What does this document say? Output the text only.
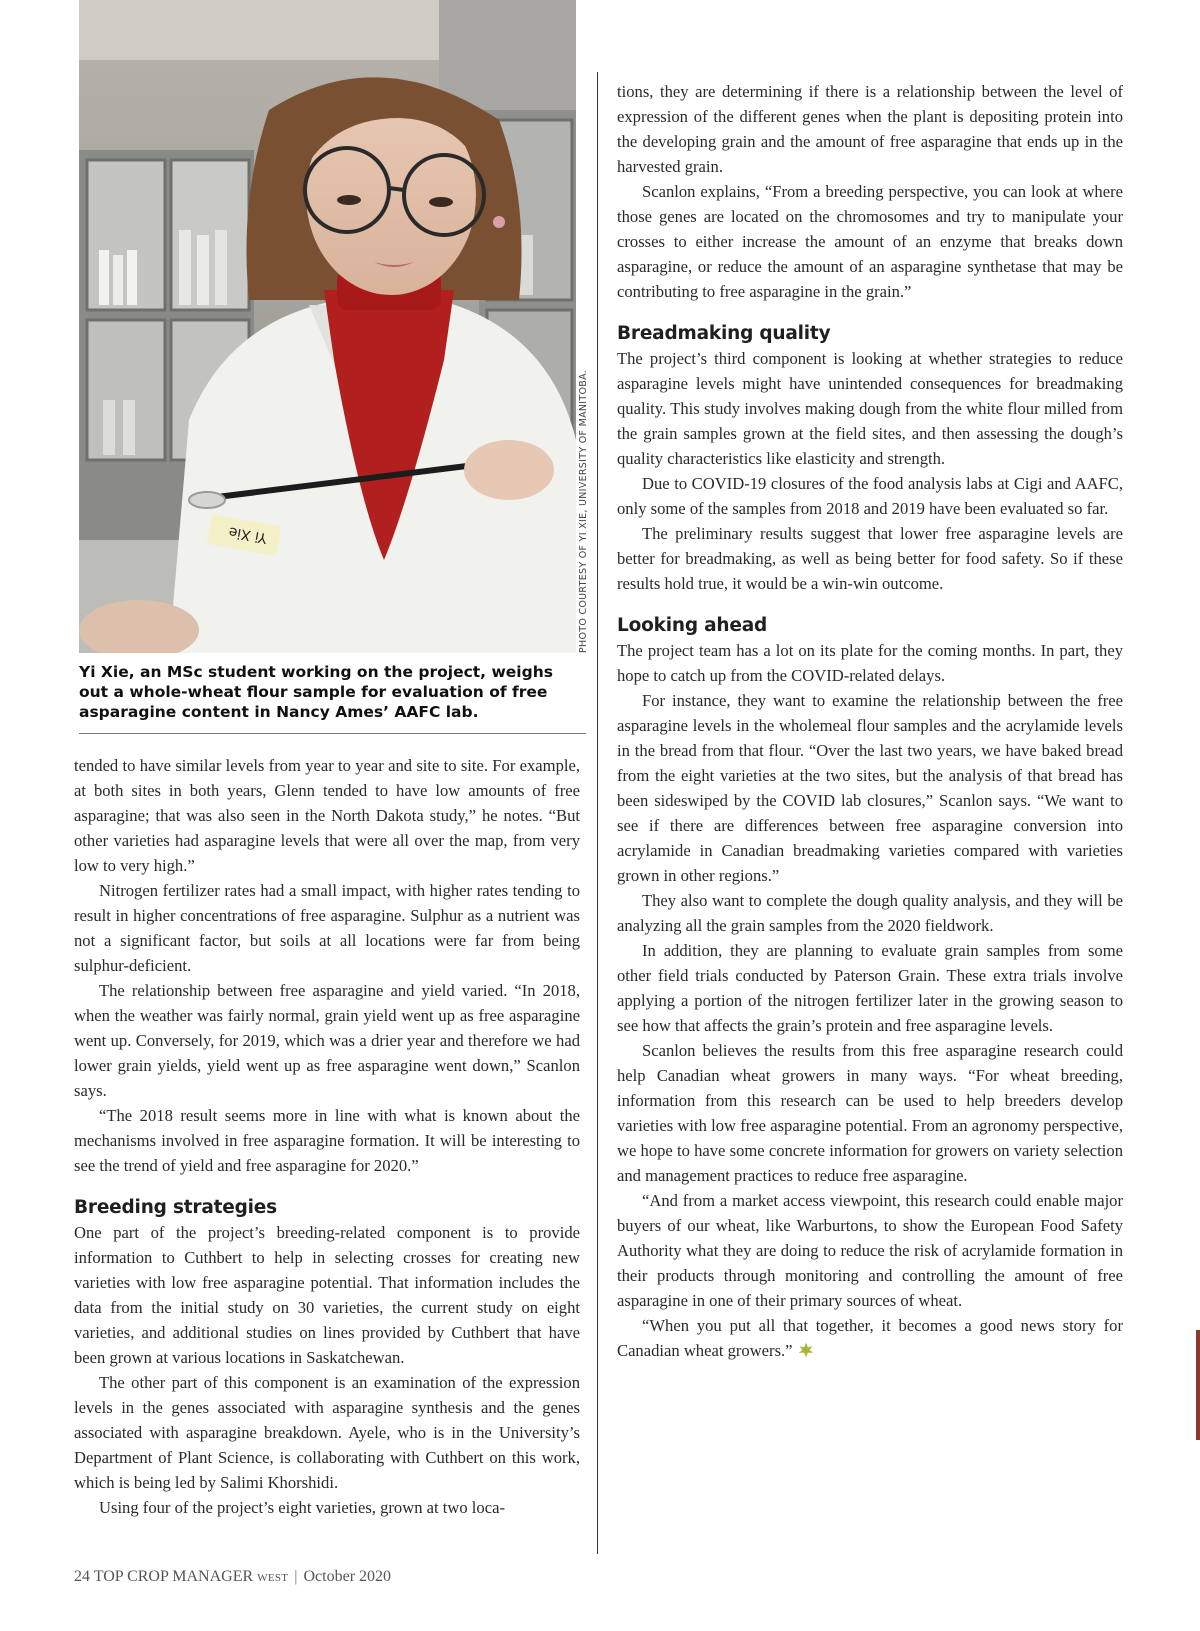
Yi Xie	PHOTO COURTESY OF YI XIE, UNIVERSITY OF MANITOBA.
Yi Xie, an MSc student working on the project, weighs out a whole-wheat flour sample for evaluation of free asparagine content in Nancy Ames’ AAFC lab.

tended to have similar levels from year to year and site to site. For example, at both sites in both years, Glenn tended to have low amounts of free asparagine; that was also seen in the North Dakota study,” he notes. “But other varieties had asparagine levels that were all over the map, from very low to very high.”

Nitrogen fertilizer rates had a small impact, with higher rates tending to result in higher concentrations of free asparagine. Sulphur as a nutrient was not a significant factor, but soils at all locations were far from being sulphur-deficient.

The relationship between free asparagine and yield varied. “In 2018, when the weather was fairly normal, grain yield went up as free asparagine went up. Conversely, for 2019, which was a drier year and therefore we had lower grain yields, yield went up as free asparagine went down,” Scanlon says.

“The 2018 result seems more in line with what is known about the mechanisms involved in free asparagine formation. It will be interesting to see the trend of yield and free asparagine for 2020.”

Breeding strategies

One part of the project’s breeding-related component is to provide information to Cuthbert to help in selecting crosses for creating new varieties with low free asparagine potential. That information includes the data from the initial study on 30 varieties, the current study on eight varieties, and additional studies on lines provided by Cuthbert that have been grown at various locations in Saskatchewan.

The other part of this component is an examination of the expression levels in the genes associated with asparagine synthesis and the genes associated with asparagine breakdown. Ayele, who is in the University’s Department of Plant Science, is collaborating with Cuthbert on this work, which is being led by Salimi Khorshidi.

Using four of the project’s eight varieties, grown at two loca-

tions, they are determining if there is a relationship between the level of expression of the different genes when the plant is depositing protein into the developing grain and the amount of free asparagine that ends up in the harvested grain.

Scanlon explains, “From a breeding perspective, you can look at where those genes are located on the chromosomes and try to manipulate your crosses to either increase the amount of an enzyme that breaks down asparagine, or reduce the amount of an asparagine synthetase that may be contributing to free asparagine in the grain.”

Breadmaking quality

The project’s third component is looking at whether strategies to reduce asparagine levels might have unintended consequences for breadmaking quality. This study involves making dough from the white flour milled from the grain samples grown at the field sites, and then assessing the dough’s quality characteristics like elasticity and strength.

Due to COVID-19 closures of the food analysis labs at Cigi and AAFC, only some of the samples from 2018 and 2019 have been evaluated so far.

The preliminary results suggest that lower free asparagine levels are better for breadmaking, as well as being better for food safety. So if these results hold true, it would be a win-win outcome.

Looking ahead

The project team has a lot on its plate for the coming months. In part, they hope to catch up from the COVID-related delays.

For instance, they want to examine the relationship between the free asparagine levels in the wholemeal flour samples and the acrylamide levels in the bread from that flour. “Over the last two years, we have baked bread from the eight varieties at the two sites, but the analysis of that bread has been sideswiped by the COVID lab closures,” Scanlon says. “We want to see if there are differences between free asparagine conversion into acrylamide in Canadian breadmaking varieties compared with varieties grown in other regions.”

They also want to complete the dough quality analysis, and they will be analyzing all the grain samples from the 2020 fieldwork.

In addition, they are planning to evaluate grain samples from some other field trials conducted by Paterson Grain. These extra trials involve applying a portion of the nitrogen fertilizer later in the growing season to see how that affects the grain’s protein and free asparagine levels.

Scanlon believes the results from this free asparagine research could help Canadian wheat growers in many ways. “For wheat breeding, information from this research can be used to help breeders develop varieties with low free asparagine potential. From an agronomy perspective, we hope to have some concrete information for growers on variety selection and management practices to reduce free asparagine.

“And from a market access viewpoint, this research could enable major buyers of our wheat, like Warburtons, to show the European Food Safety Authority what they are doing to reduce the risk of acrylamide formation in their products through monitoring and controlling the amount of free asparagine in one of their primary sources of wheat.

“When you put all that together, it becomes a good news story for Canadian wheat growers.”

24 TOP CROP MANAGER WEST | October 2020
